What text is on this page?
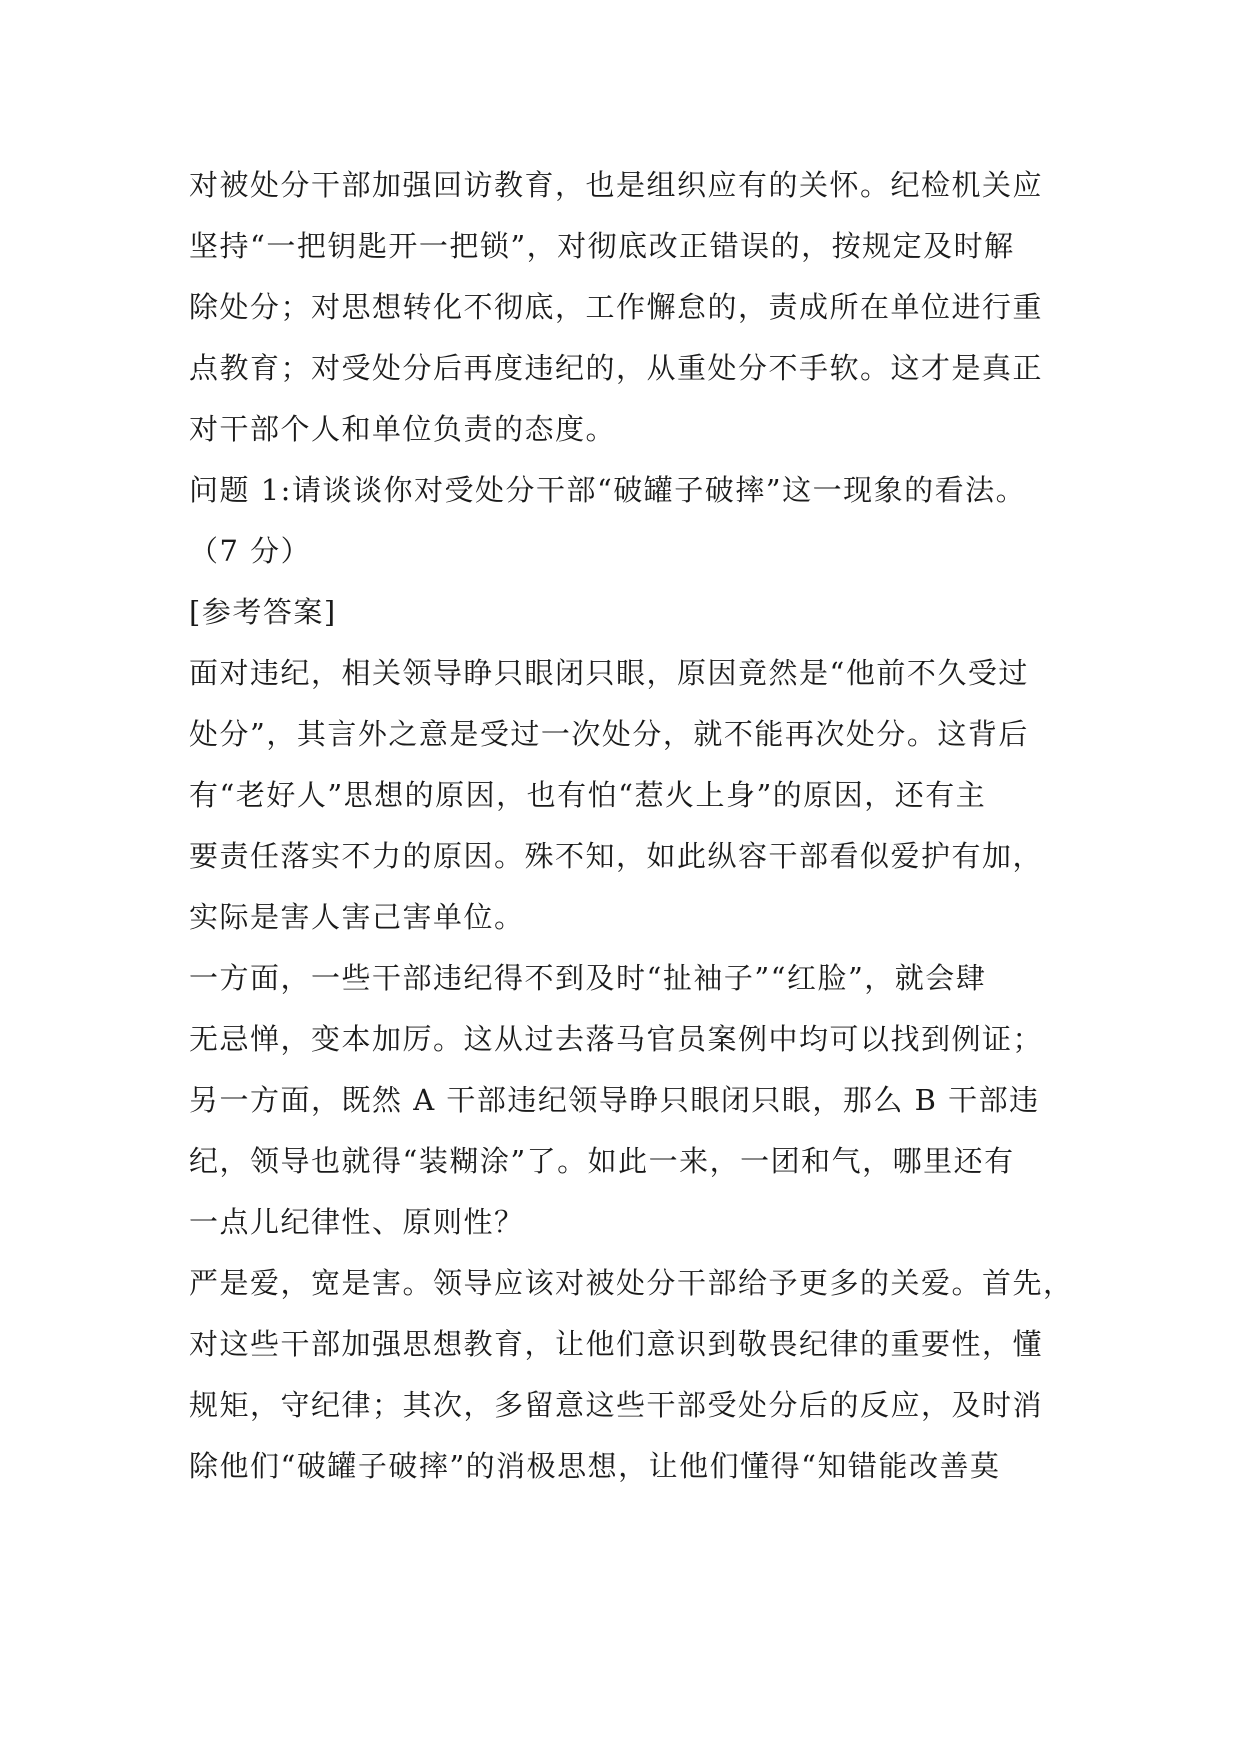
对被处分干部加强回访教育，也是组织应有的关怀。纪检机关应
坚持“一把钥匙开一把锁”，对彻底改正错误的，按规定及时解
除处分；对思想转化不彻底，工作懈怠的，责成所在单位进行重
点教育；对受处分后再度违纪的，从重处分不手软。这才是真正
对干部个人和单位负责的态度。
问题 1:请谈谈你对受处分干部“破罐子破摔”这一现象的看法。
（7 分）
[参考答案]
面对违纪，相关领导睁只眼闭只眼，原因竟然是“他前不久受过
处分”，其言外之意是受过一次处分，就不能再次处分。这背后
有“老好人”思想的原因，也有怕“惹火上身”的原因，还有主
要责任落实不力的原因。殊不知，如此纵容干部看似爱护有加，
实际是害人害己害单位。
一方面，一些干部违纪得不到及时“扯袖子”“红脸”，就会肆
无忌惮，变本加厉。这从过去落马官员案例中均可以找到例证；
另一方面，既然 A 干部违纪领导睁只眼闭只眼，那么 B 干部违
纪，领导也就得“装糊涂”了。如此一来，一团和气，哪里还有
一点儿纪律性、原则性？
严是爱，宽是害。领导应该对被处分干部给予更多的关爱。首先，
对这些干部加强思想教育，让他们意识到敬畏纪律的重要性，懂
规矩，守纪律；其次，多留意这些干部受处分后的反应，及时消
除他们“破罐子破摔”的消极思想，让他们懂得“知错能改善莫
